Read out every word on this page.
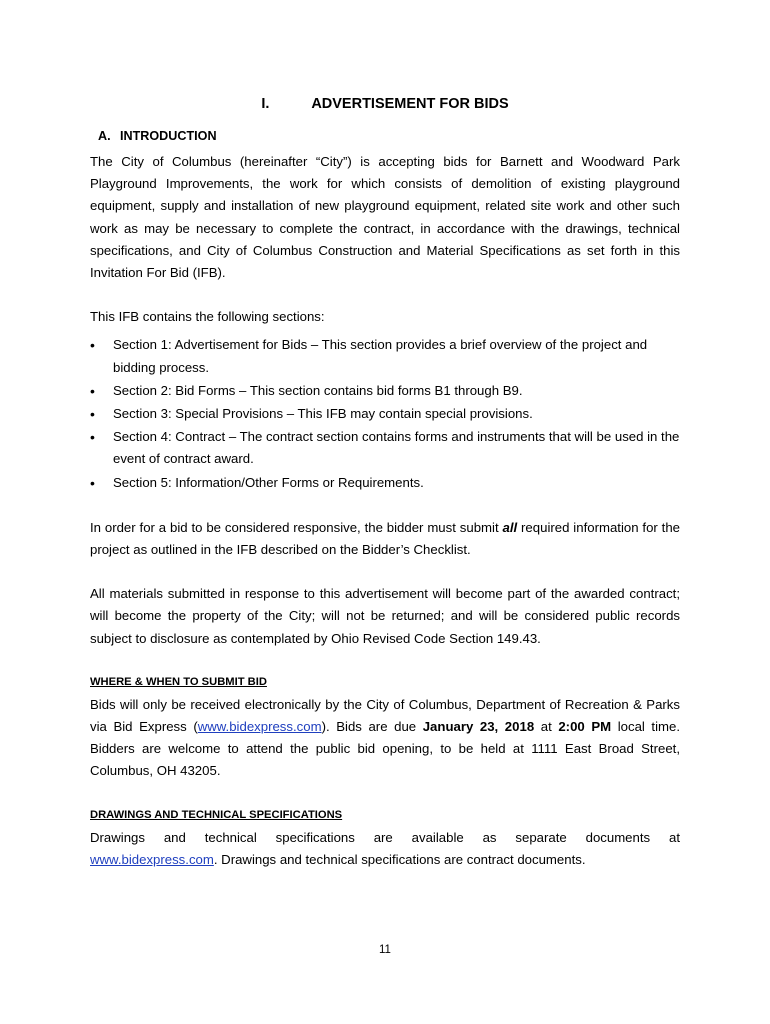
I.	ADVERTISEMENT FOR BIDS
A. INTRODUCTION

The City of Columbus (hereinafter “City”) is accepting bids for Barnett and Woodward Park Playground Improvements, the work for which consists of demolition of existing playground equipment, supply and installation of new playground equipment, related site work and other such work as may be necessary to complete the contract, in accordance with the drawings, technical specifications, and City of Columbus Construction and Material Specifications as set forth in this Invitation For Bid (IFB).

This IFB contains the following sections:

•	Section 1: Advertisement for Bids – This section provides a brief overview of the project and bidding process.
•	Section 2: Bid Forms – This section contains bid forms B1 through B9.
•	Section 3: Special Provisions – This IFB may contain special provisions.
•	Section 4: Contract – The contract section contains forms and instruments that will be used in the event of contract award.
•	Section 5: Information/Other Forms or Requirements.

In order for a bid to be considered responsive, the bidder must submit all required information for the project as outlined in the IFB described on the Bidder’s Checklist.

All materials submitted in response to this advertisement will become part of the awarded contract; will become the property of the City; will not be returned; and will be considered public records subject to disclosure as contemplated by Ohio Revised Code Section 149.43.

WHERE & WHEN TO SUBMIT BID

Bids will only be received electronically by the City of Columbus, Department of Recreation & Parks via Bid Express (www.bidexpress.com). Bids are due January 23, 2018 at 2:00 PM local time. Bidders are welcome to attend the public bid opening, to be held at 1111 East Broad Street, Columbus, OH 43205.

DRAWINGS AND TECHNICAL SPECIFICATIONS

Drawings and technical specifications are available as separate documents at

www.bidexpress.com. Drawings and technical specifications are contract documents.

11
